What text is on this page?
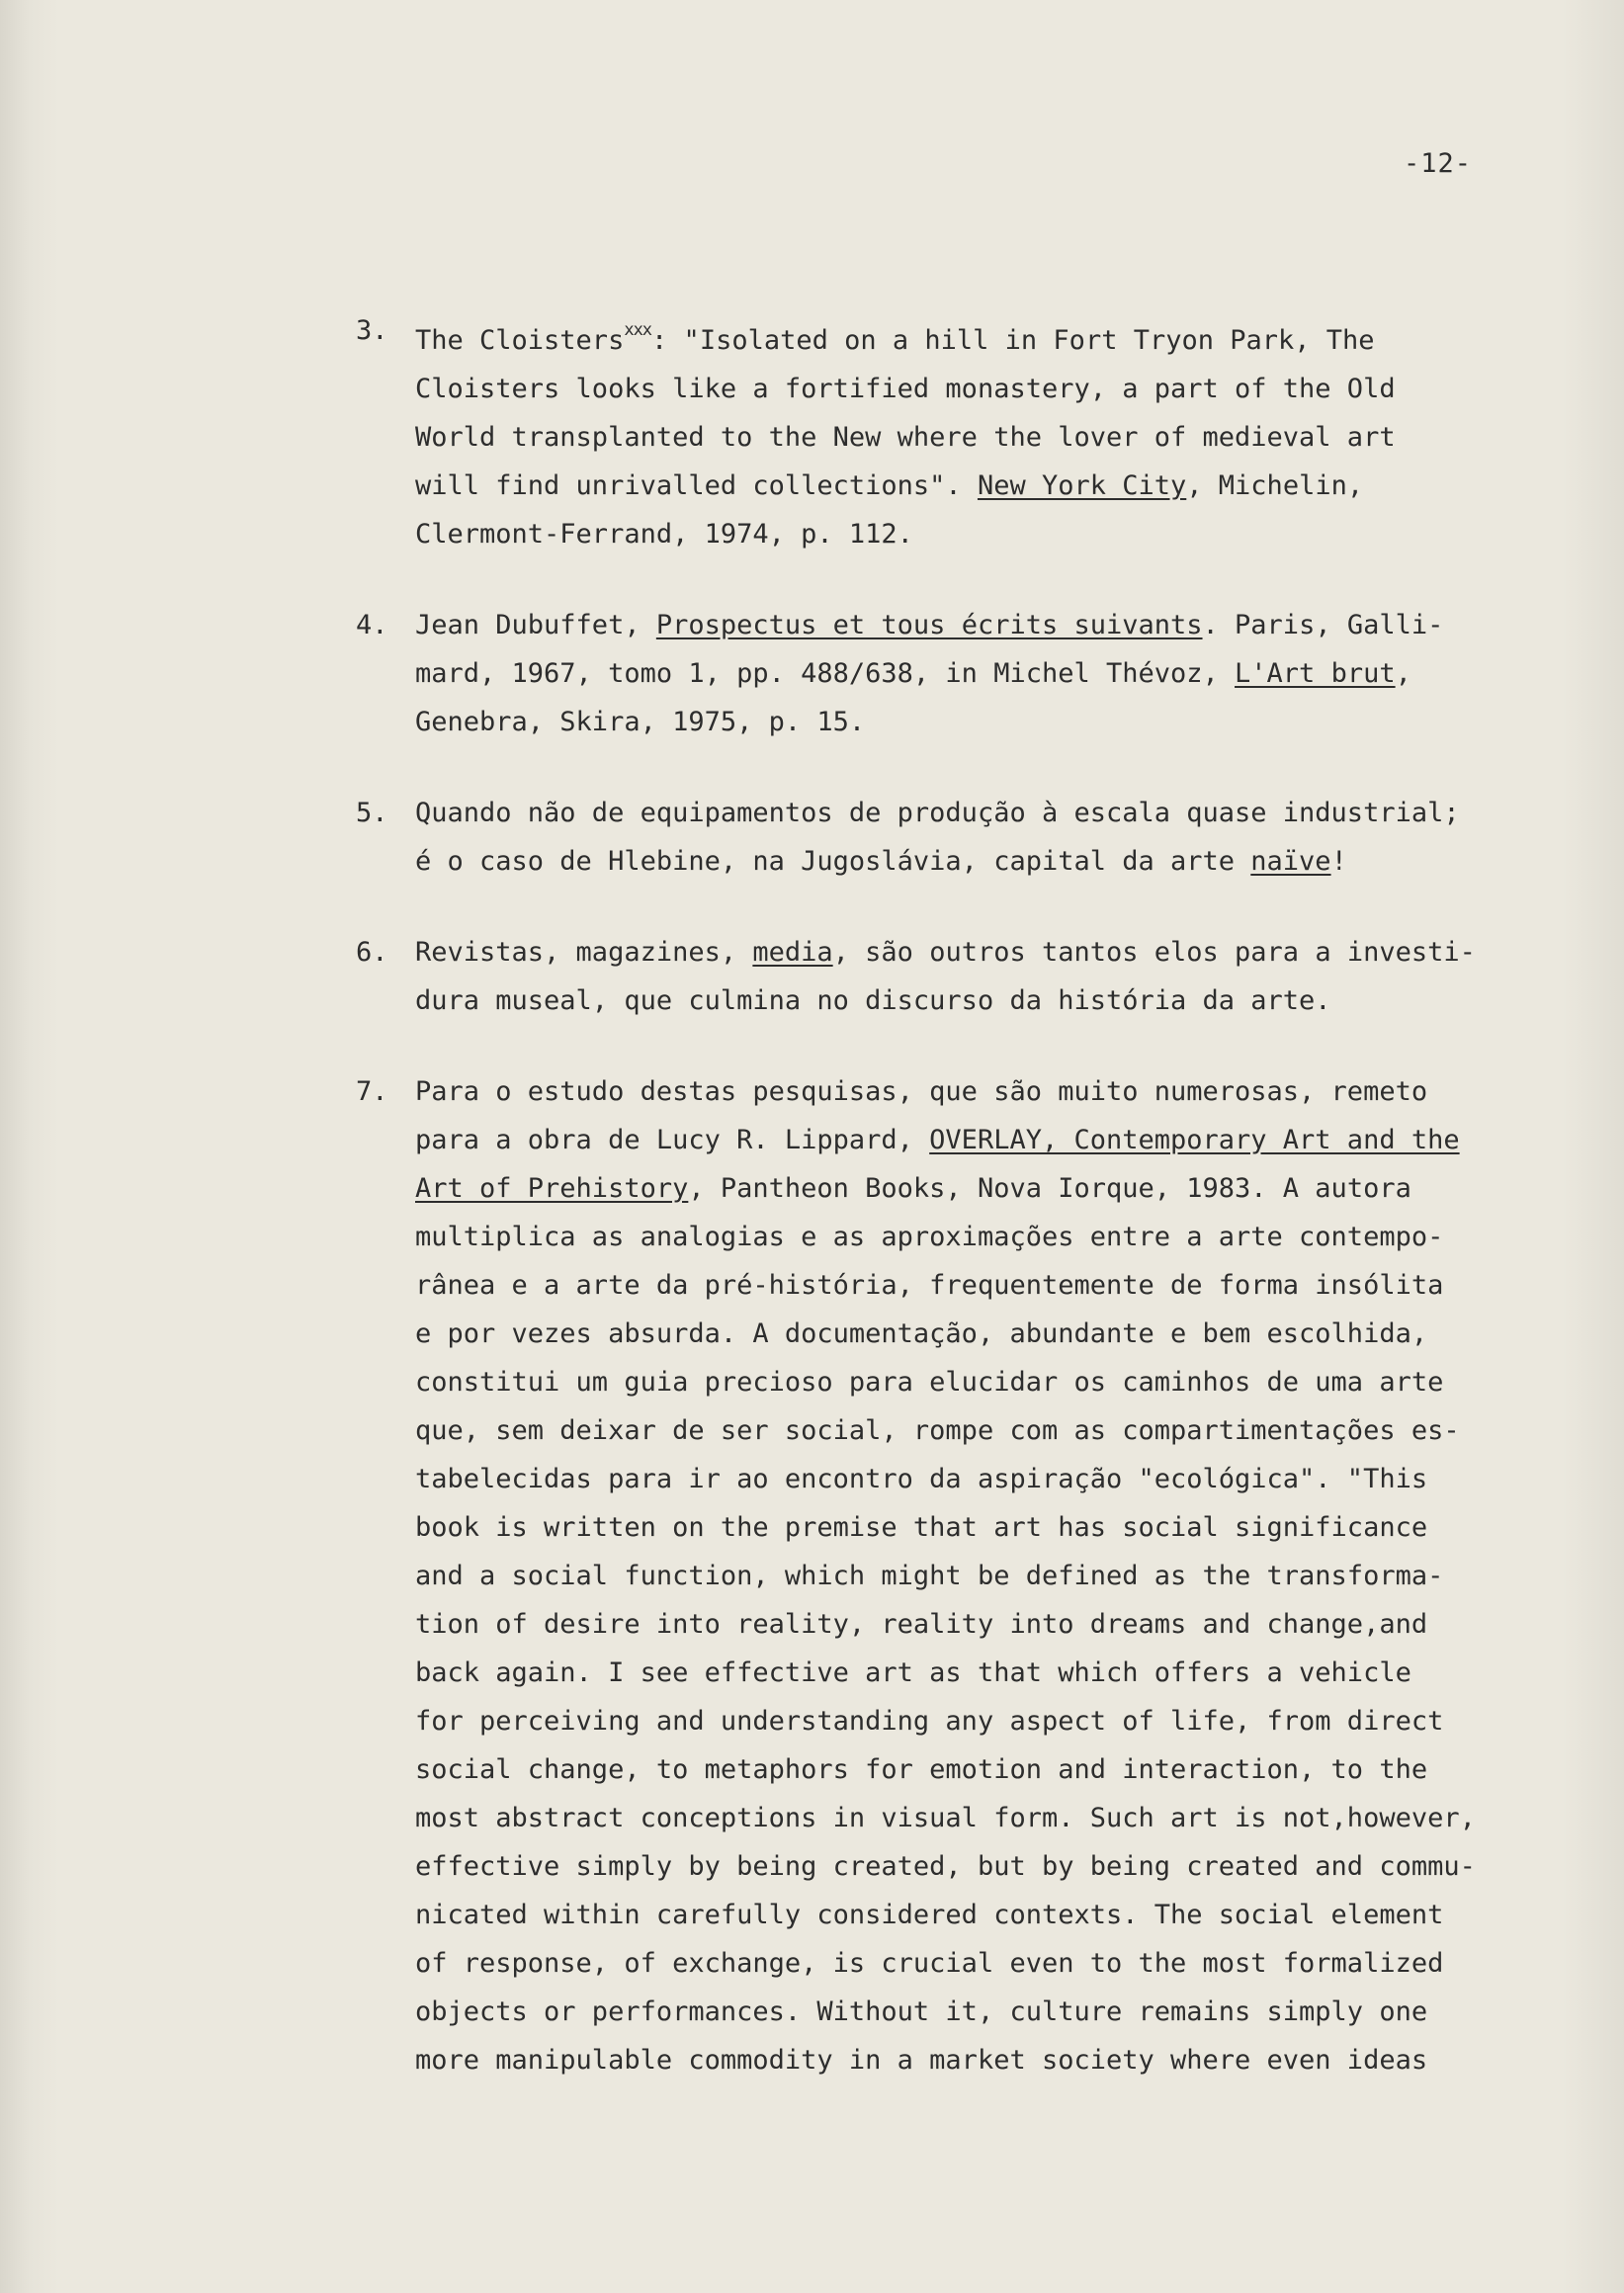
-12-
3. The Cloisters$^{xxx}$: "Isolated on a hill in Fort Tryon Park, The
Cloisters looks like a fortified monastery, a part of the Old
World transplanted to the New where the lover of medieval art
will find unrivalled collections". New York City, Michelin,
Clermont-Ferrand, 1974, p. 112.
4. Jean Dubuffet, Prospectus et tous écrits suivants. Paris, Galli-
mard, 1967, tomo 1, pp. 488/638, in Michel Thévoz, L'Art brut,
Genebra, Skira, 1975, p. 15.
5. Quando não de equipamentos de produção à escala quase industrial;
é o caso de Hlebine, na Jugoslávia, capital da arte naïve!
6. Revistas, magazines, media, são outros tantos elos para a investi-
dura museal, que culmina no discurso da história da arte.
7. Para o estudo destas pesquisas, que são muito numerosas, remeto
para a obra de Lucy R. Lippard, OVERLAY, Contemporary Art and the
Art of Prehistory, Pantheon Books, Nova Iorque, 1983. A autora
multiplica as analogias e as aproximações entre a arte contempo-
rânea e a arte da pré-história, frequentemente de forma insólita
e por vezes absurda. A documentação, abundante e bem escolhida,
constitui um guia precioso para elucidar os caminhos de uma arte
que, sem deixar de ser social, rompe com as compartimentações es-
tabelecidas para ir ao encontro da aspiração "ecológica". "This
book is written on the premise that art has social significance
and a social function, which might be defined as the transforma-
tion of desire into reality, reality into dreams and change,and
back again. I see effective art as that which offers a vehicle
for perceiving and understanding any aspect of life, from direct
social change, to metaphors for emotion and interaction, to the
most abstract conceptions in visual form. Such art is not,however,
effective simply by being created, but by being created and commu-
nicated within carefully considered contexts. The social element
of response, of exchange, is crucial even to the most formalized
objects or performances. Without it, culture remains simply one
more manipulable commodity in a market society where even ideas
